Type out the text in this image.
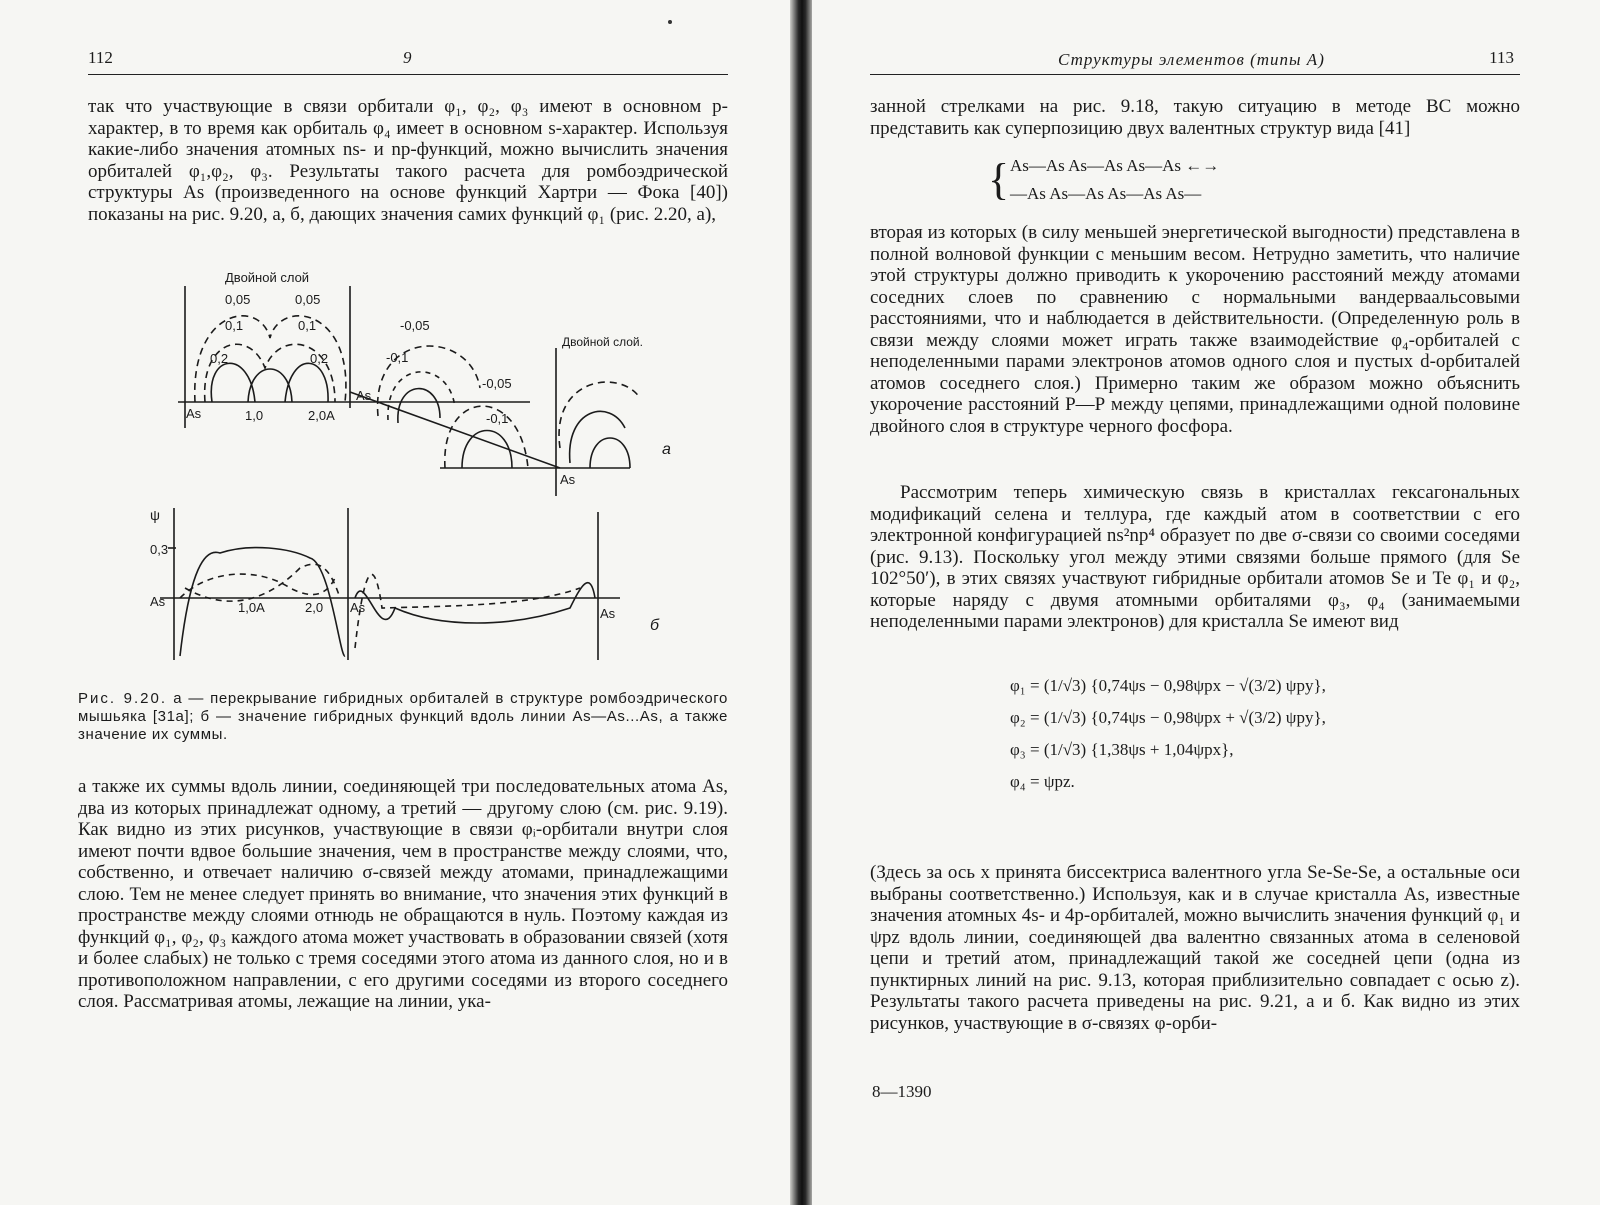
112	9

так что участвующие в связи орбитали φ₁, φ₂, φ₃ имеют в основном p-характер, в то время как орбиталь φ₄ имеет в основном s-характер. Используя какие-либо значения атомных ns- и np-функций, можно вычислить значения орбиталей φ₁,φ₂, φ₃. Результаты такого расчета для ромбоэдрической структуры As (произведенного на основе функций Хартри — Фока [40]) показаны на рис. 9.20, а, б, дающих значения самих функций φ₁ (рис. 2.20, а),

Двойной слой
0,05	0,05
0,1	0,1
0,2	0,2
-0,05
-0,1
-0,05
-0,1
Двойной слой.
As	1,0	2,0A
As
As
а
ψ
0,3
As	1,0A	2,0 As	As
б
Рис. 9.20. а — перекрывание гибридных орбиталей в структуре ромбоэдрического мышьяка [31а]; б — значение гибридных функций вдоль линии As—As...As, а также значение их суммы.

а также их суммы вдоль линии, соединяющей три последовательных атома As, два из которых принадлежат одному, а третий — другому слою (см. рис. 9.19). Как видно из этих рисунков, участвующие в связи φᵢ-орбитали внутри слоя имеют почти вдвое большие значения, чем в пространстве между слоями, что, собственно, и отвечает наличию σ-связей между атомами, принадлежащими слою. Тем не менее следует принять во внимание, что значения этих функций в пространстве между слоями отнюдь не обращаются в нуль. Поэтому каждая из функций φ₁, φ₂, φ₃ каждого атома может участвовать в образовании связей (хотя и более слабых) не только с тремя соседями этого атома из данного слоя, но и в противоположном направлении, с его другими соседями из второго соседнего слоя. Рассматривая атомы, лежащие на линии, ука-

Структуры элементов (типы А)	113

занной стрелками на рис. 9.18, такую ситуацию в методе ВС можно представить как суперпозицию двух валентных структур вида [41]

{ As—As As—As As—As ←→
—As As—As As—As As—

вторая из которых (в силу меньшей энергетической выгодности) представлена в полной волновой функции с меньшим весом. Нетрудно заметить, что наличие этой структуры должно приводить к укорочению расстояний между атомами соседних слоев по сравнению с нормальными вандерваальсовыми расстояниями, что и наблюдается в действительности. (Определенную роль в связи между слоями может играть также взаимодействие φ₄-орбиталей с неподеленными парами электронов атомов одного слоя и пустых d-орбиталей атомов соседнего слоя.) Примерно таким же образом можно объяснить укорочение расстояний Р—Р между цепями, принадлежащими одной половине двойного слоя в структуре черного фосфора.

Рассмотрим теперь химическую связь в кристаллах гексагональных модификаций селена и теллура, где каждый атом в соответствии с его электронной конфигурацией ns²np⁴ образует по две σ-связи со своими соседями (рис. 9.13). Поскольку угол между этими связями больше прямого (для Se 102°50′), в этих связях участвуют гибридные орбитали атомов Se и Te φ₁ и φ₂, которые наряду с двумя атомными орбиталями φ₃, φ₄ (занимаемыми неподеленными парами электронов) для кристалла Se имеют вид

φ₁ = (1/√3) {0,74ψs − 0,98ψpx − √(3/2) ψpy},
φ₂ = (1/√3) {0,74ψs − 0,98ψpx + √(3/2) ψpy},
φ₃ = (1/√3) {1,38ψs + 1,04ψpx},
φ₄ = ψpz.

(Здесь за ось x принята биссектриса валентного угла Se-Se-Se, а остальные оси выбраны соответственно.) Используя, как и в случае кристалла As, известные значения атомных 4s- и 4p-орбиталей, можно вычислить значения функций φ₁ и ψpz вдоль линии, соединяющей два валентно связанных атома в селеновой цепи и третий атом, принадлежащий такой же соседней цепи (одна из пунктирных линий на рис. 9.13, которая приблизительно совпадает с осью z). Результаты такого расчета приведены на рис. 9.21, а и б. Как видно из этих рисунков, участвующие в σ-связях φ-орби-

8—1390
